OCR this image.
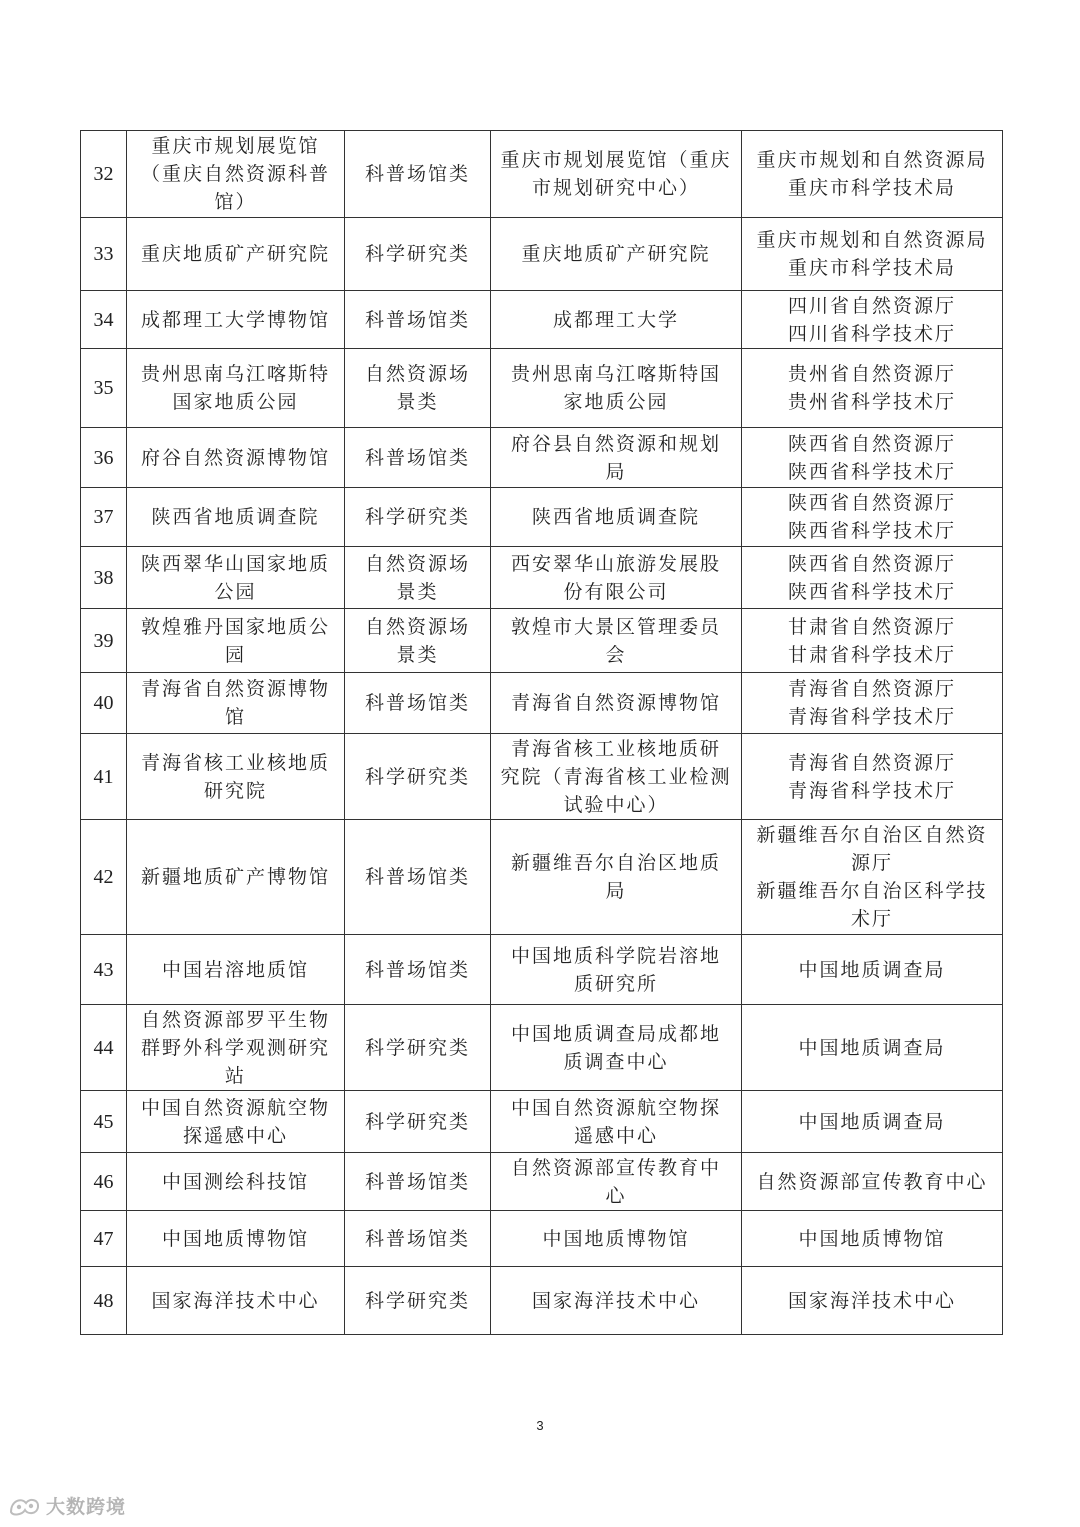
32	重庆市规划展览馆
（重庆自然资源科普
馆）	科普场馆类	重庆市规划展览馆（重庆
市规划研究中心）	重庆市规划和自然资源局
重庆市科学技术局
33	重庆地质矿产研究院	科学研究类	重庆地质矿产研究院	重庆市规划和自然资源局
重庆市科学技术局
34	成都理工大学博物馆	科普场馆类	成都理工大学	四川省自然资源厅
四川省科学技术厅
35	贵州思南乌江喀斯特
国家地质公园	自然资源场
景类	贵州思南乌江喀斯特国
家地质公园	贵州省自然资源厅
贵州省科学技术厅
36	府谷自然资源博物馆	科普场馆类	府谷县自然资源和规划
局	陕西省自然资源厅
陕西省科学技术厅
37	陕西省地质调查院	科学研究类	陕西省地质调查院	陕西省自然资源厅
陕西省科学技术厅
38	陕西翠华山国家地质
公园	自然资源场
景类	西安翠华山旅游发展股
份有限公司	陕西省自然资源厅
陕西省科学技术厅
39	敦煌雅丹国家地质公
园	自然资源场
景类	敦煌市大景区管理委员
会	甘肃省自然资源厅
甘肃省科学技术厅
40	青海省自然资源博物
馆	科普场馆类	青海省自然资源博物馆	青海省自然资源厅
青海省科学技术厅
41	青海省核工业核地质
研究院	科学研究类	青海省核工业核地质研
究院（青海省核工业检测
试验中心）	青海省自然资源厅
青海省科学技术厅
42	新疆地质矿产博物馆	科普场馆类	新疆维吾尔自治区地质
局	新疆维吾尔自治区自然资
源厅
新疆维吾尔自治区科学技
术厅
43	中国岩溶地质馆	科普场馆类	中国地质科学院岩溶地
质研究所	中国地质调查局
44	自然资源部罗平生物
群野外科学观测研究
站	科学研究类	中国地质调查局成都地
质调查中心	中国地质调查局
45	中国自然资源航空物
探遥感中心	科学研究类	中国自然资源航空物探
遥感中心	中国地质调查局
46	中国测绘科技馆	科普场馆类	自然资源部宣传教育中
心	自然资源部宣传教育中心
47	中国地质博物馆	科普场馆类	中国地质博物馆	中国地质博物馆
48	国家海洋技术中心	科学研究类	国家海洋技术中心	国家海洋技术中心
3
大数跨境
